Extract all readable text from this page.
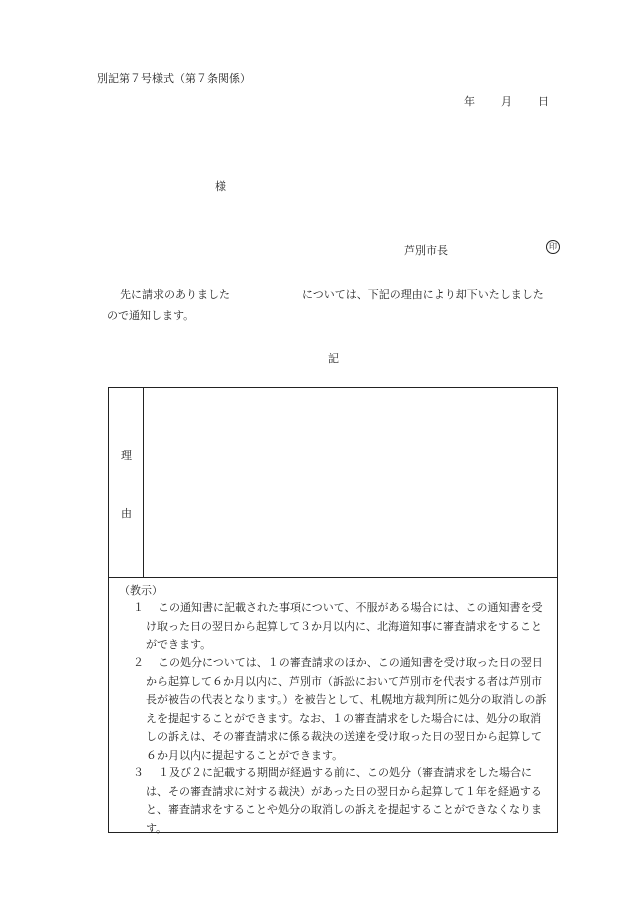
別記第７号様式（第７条関係）
年 月 日
様
芦別市長	印
先に請求のありました	については、下記の理由により却下いたしました
ので通知します。
記
理
由
（教示）
１	この通知書に記載された事項について、不服がある場合には、この通知書を受け取った日の翌日から起算して３か月以内に、北海道知事に審査請求をすることができます。
２	この処分については、１の審査請求のほか、この通知書を受け取った日の翌日から起算して６か月以内に、芦別市（訴訟において芦別市を代表する者は芦別市長が被告の代表となります。）を被告として、札幌地方裁判所に処分の取消しの訴えを提起することができます。なお、１の審査請求をした場合には、処分の取消しの訴えは、その審査請求に係る裁決の送達を受け取った日の翌日から起算して６か月以内に提起することができます。
３	１及び２に記載する期間が経過する前に、この処分（審査請求をした場合には、その審査請求に対する裁決）があった日の翌日から起算して１年を経過すると、審査請求をすることや処分の取消しの訴えを提起することができなくなります。
